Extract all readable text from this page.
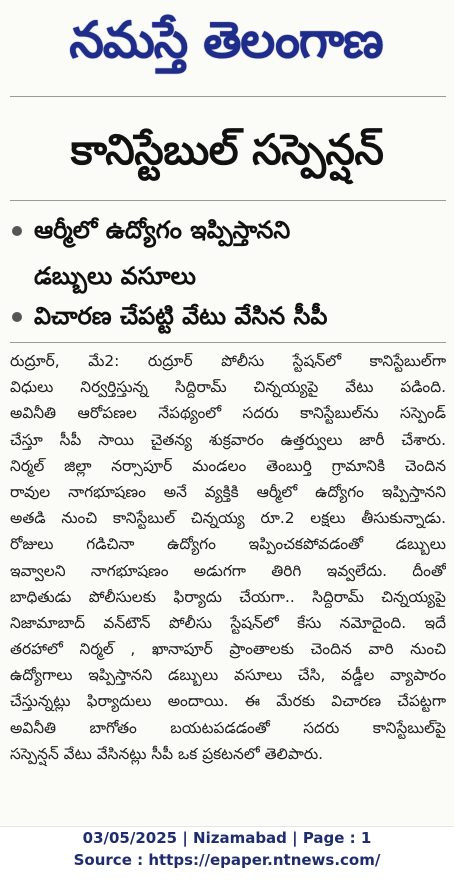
నమస్తే తెలంగాణ
కానిస్టేబుల్ సస్పెన్షన్
ఆర్మీలో ఉద్యోగం ఇప్పిస్తానని
డబ్బులు వసూలు
విచారణ చేపట్టి వేటు వేసిన సీపీ
రుద్రూర్, మే2: రుద్రూర్ పోలీసు స్టేషన్‌లో కానిస్టేబుల్‌గా
విధులు నిర్వర్తిస్తున్న సిద్దిరామ్ చిన్నయ్యపై వేటు పడింది.
అవినీతి ఆరోపణల నేపథ్యంలో సదరు కానిస్టేబుల్‌ను సస్పెండ్
చేస్తూ సీపీ సాయి చైతన్య శుక్రవారం ఉత్తర్వులు జారీ చేశారు.
నిర్మల్ జిల్లా నర్సాపూర్ మండలం తెంబుర్తి గ్రామానికి చెందిన
రావుల నాగభూషణం అనే వ్యక్తికి ఆర్మీలో ఉద్యోగం ఇప్పిస్తానని
అతడి నుంచి కానిస్టేబుల్ చిన్నయ్య రూ.2 లక్షలు తీసుకున్నాడు.
రోజులు గడిచినా ఉద్యోగం ఇప్పించకపోవడంతో డబ్బులు
ఇవ్వాలని నాగభూషణం అడుగగా తిరిగి ఇవ్వలేదు. దీంతో
బాధితుడు పోలీసులకు ఫిర్యాదు చేయగా.. సిద్దిరామ్ చిన్నయ్యపై
నిజామాబాద్ వన్‌టౌన్ పోలీసు స్టేషన్‌లో కేసు నమోదైంది. ఇదే
తరహాలో నిర్మల్ , ఖానాపూర్ ప్రాంతాలకు చెందిన వారి నుంచి
ఉద్యోగాలు ఇప్పిస్తానని డబ్బులు వసూలు చేసి, వడ్డీల వ్యాపారం
చేస్తున్నట్లు ఫిర్యాదులు అందాయి. ఈ మేరకు విచారణ చేపట్టగా
అవినీతి బాగోతం బయటపడడంతో సదరు కానిస్టేబుల్‌పై
సస్పెన్షన్ వేటు వేసినట్లు సీపీ ఒక ప్రకటనలో తెలిపారు.
03/05/2025 | Nizamabad | Page : 1
Source : https://epaper.ntnews.com/
